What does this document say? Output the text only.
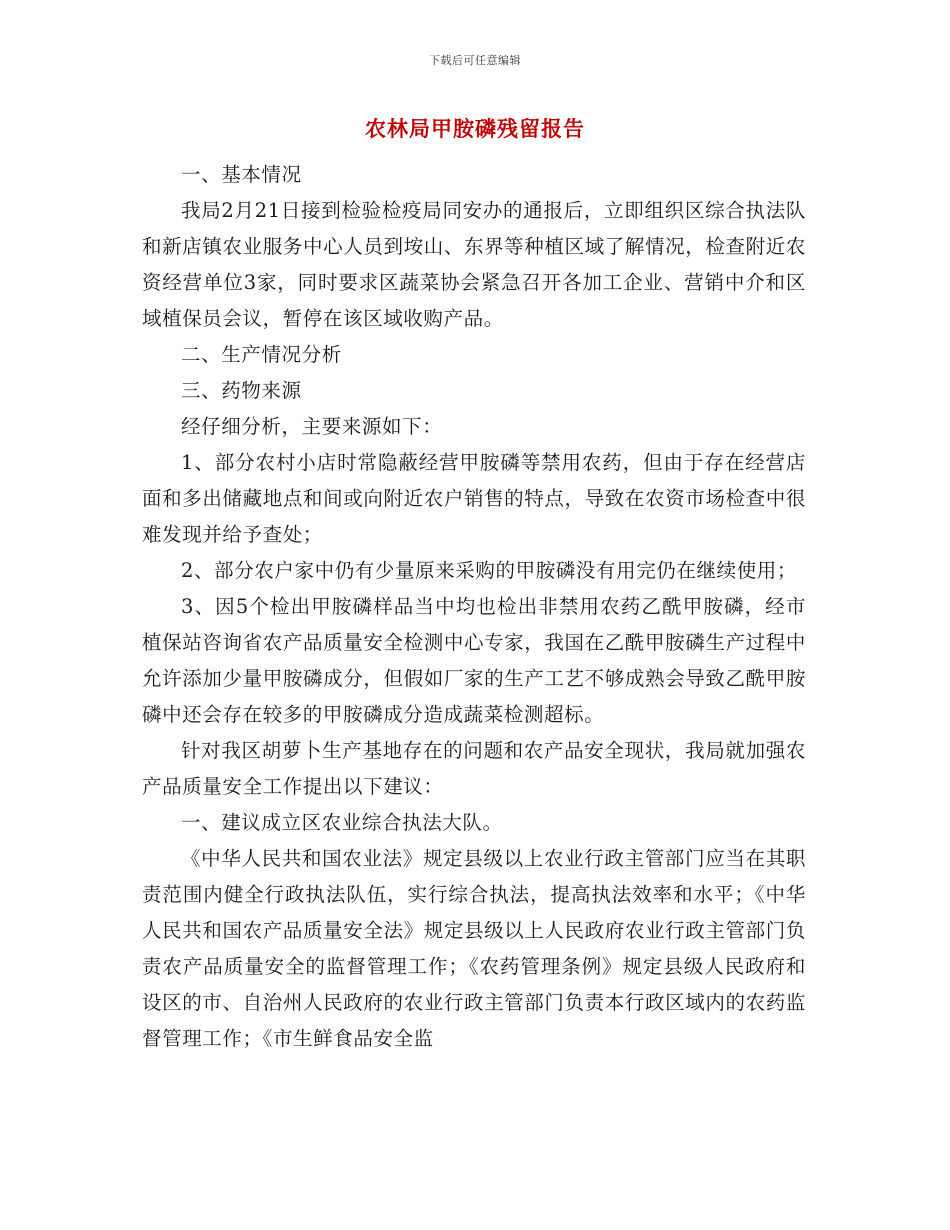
下载后可任意编辑
农林局甲胺磷残留报告

一、基本情况

我局2月21日接到检验检疫局同安办的通报后，立即组织区综合执法队和新店镇农业服务中心人员到垵山、东界等种植区域了解情况，检查附近农资经营单位3家，同时要求区蔬菜协会紧急召开各加工企业、营销中介和区域植保员会议，暂停在该区域收购产品。

二、生产情况分析

三、药物来源

经仔细分析，主要来源如下：

1、部分农村小店时常隐蔽经营甲胺磷等禁用农药，但由于存在经营店面和多出储藏地点和间或向附近农户销售的特点，导致在农资市场检查中很难发现并给予查处；

2、部分农户家中仍有少量原来采购的甲胺磷没有用完仍在继续使用；

3、因5个检出甲胺磷样品当中均也检出非禁用农药乙酰甲胺磷，经市植保站咨询省农产品质量安全检测中心专家，我国在乙酰甲胺磷生产过程中允许添加少量甲胺磷成分，但假如厂家的生产工艺不够成熟会导致乙酰甲胺磷中还会存在较多的甲胺磷成分造成蔬菜检测超标。

针对我区胡萝卜生产基地存在的问题和农产品安全现状，我局就加强农产品质量安全工作提出以下建议：

一、建议成立区农业综合执法大队。

《中华人民共和国农业法》规定县级以上农业行政主管部门应当在其职责范围内健全行政执法队伍，实行综合执法，提高执法效率和水平；《中华人民共和国农产品质量安全法》规定县级以上人民政府农业行政主管部门负责农产品质量安全的监督管理工作；《农药管理条例》规定县级人民政府和设区的市、自治州人民政府的农业行政主管部门负责本行政区域内的农药监督管理工作；《市生鲜食品安全监
